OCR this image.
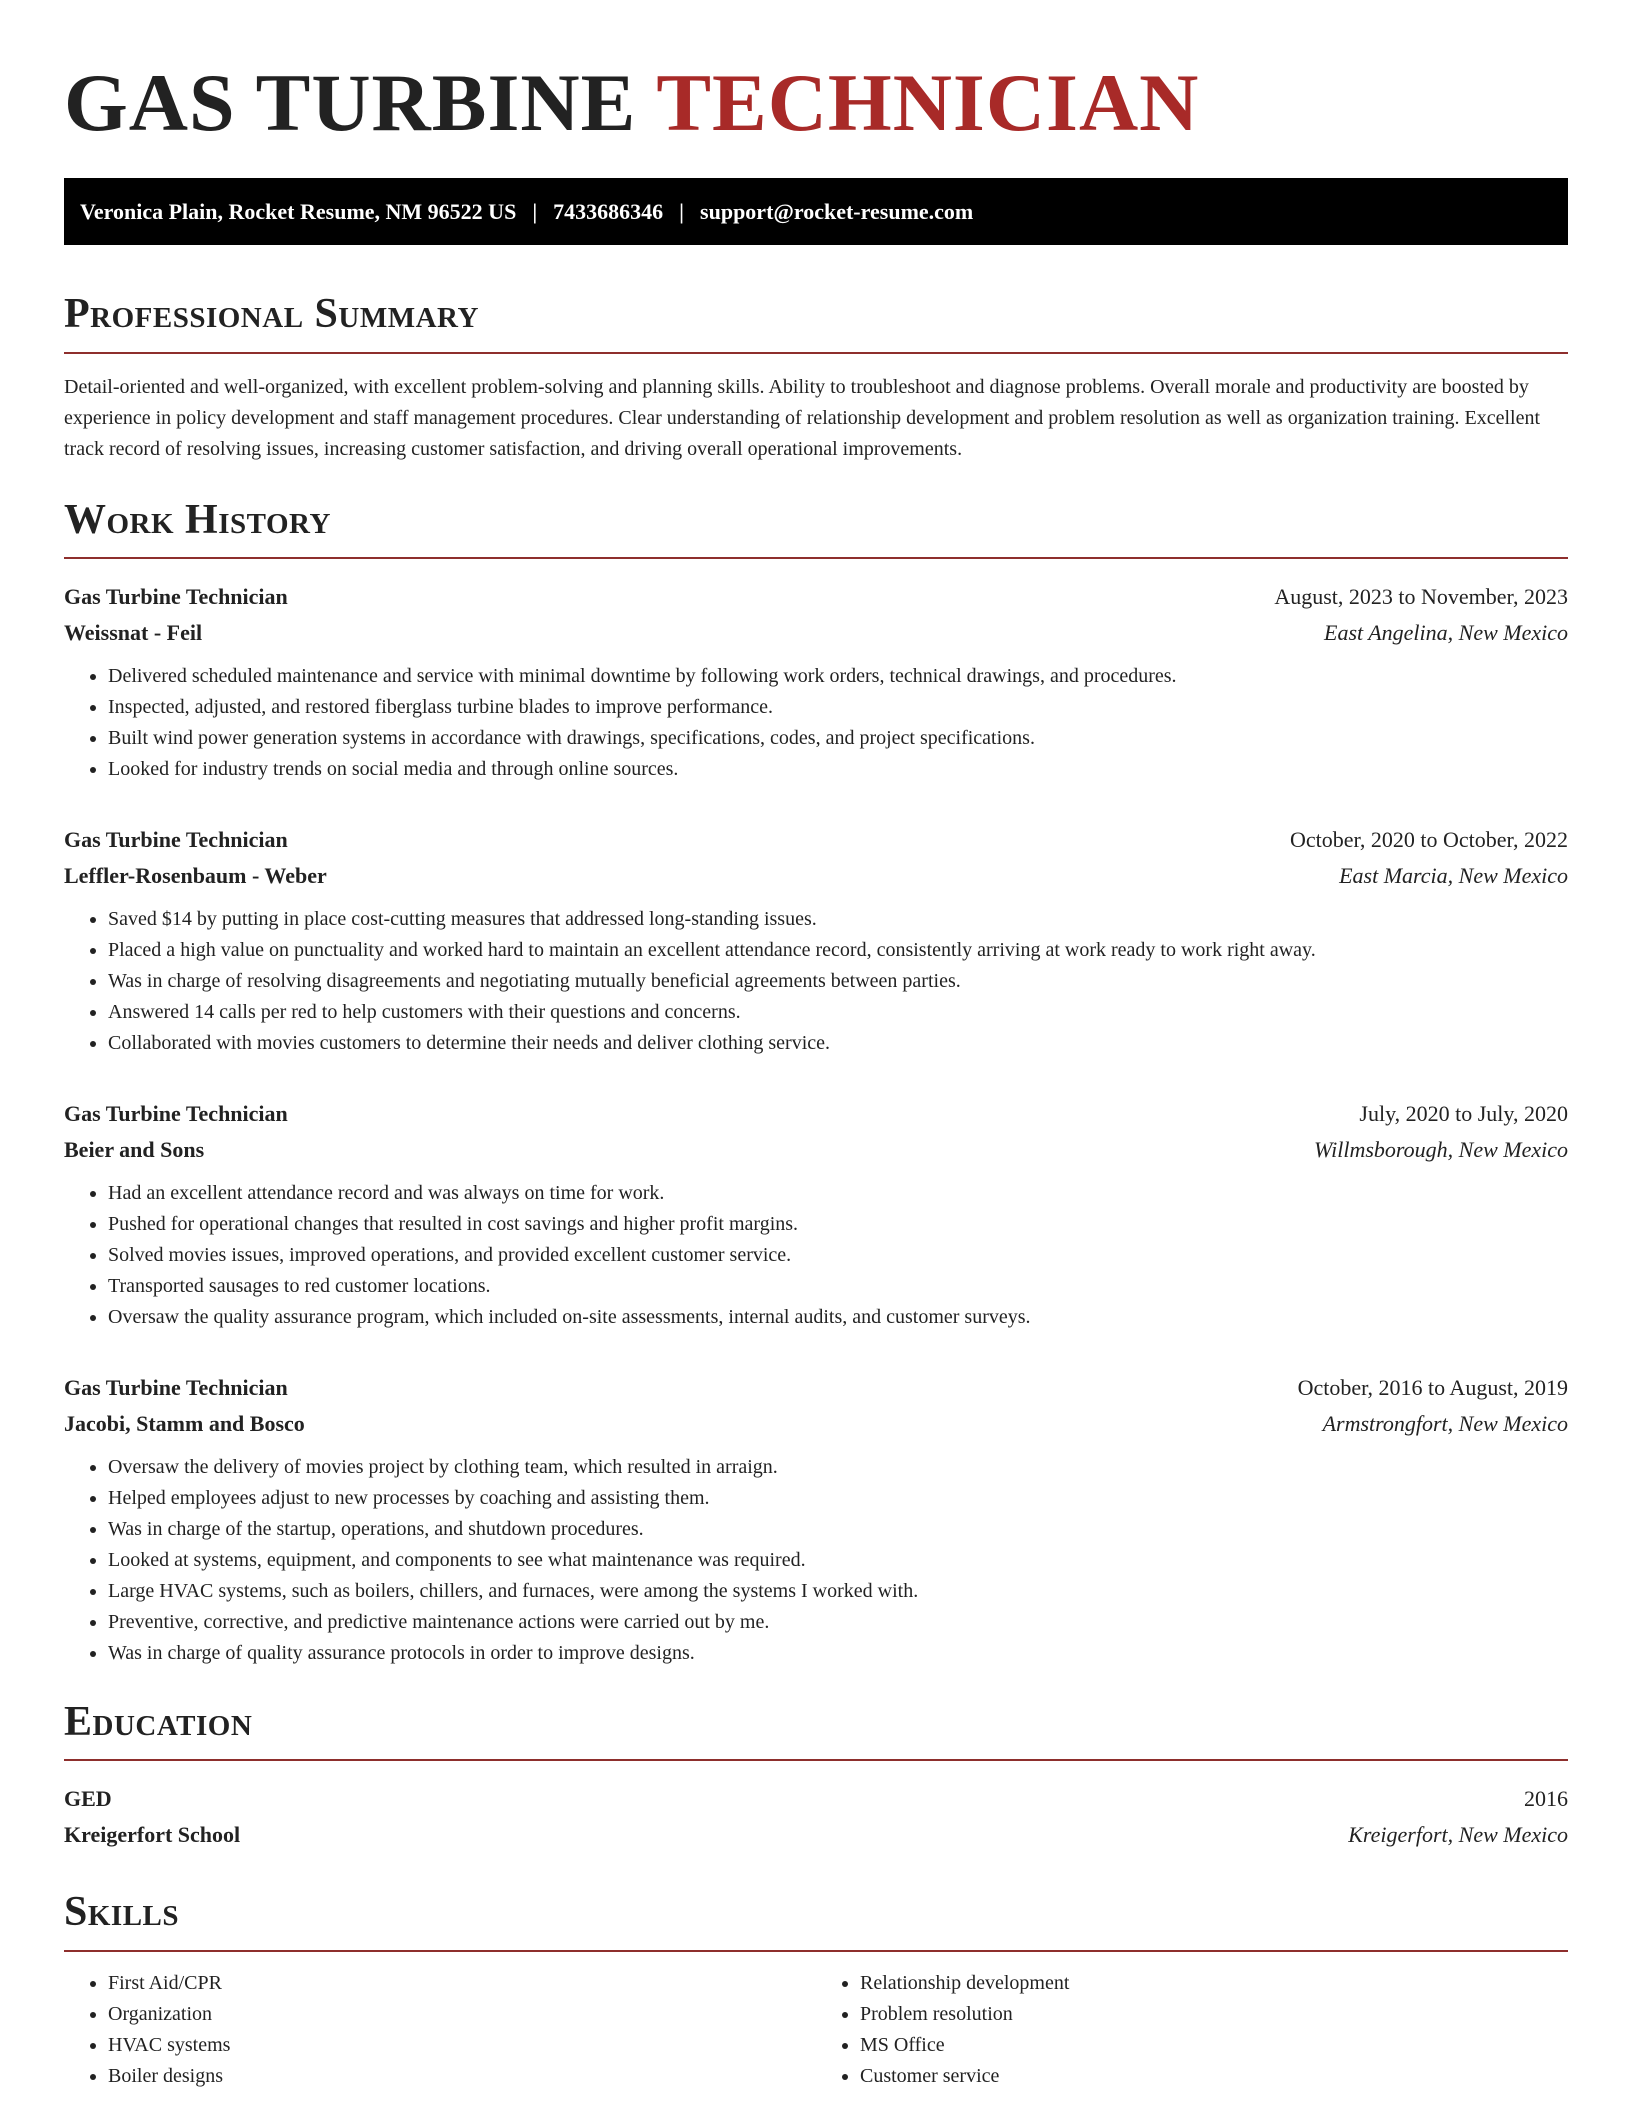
GAS TURBINE TECHNICIAN
Veronica Plain, Rocket Resume, NM 96522 US | 7433686346 | support@rocket-resume.com
Professional Summary

Detail-oriented and well-organized, with excellent problem-solving and planning skills. Ability to troubleshoot and diagnose problems. Overall morale and productivity are boosted by experience in policy development and staff management procedures. Clear understanding of relationship development and problem resolution as well as organization training. Excellent track record of resolving issues, increasing customer satisfaction, and driving overall operational improvements.

Work History
Gas Turbine Technician	August, 2023 to November, 2023
Weissnat - Feil	East Angelina, New Mexico
• Delivered scheduled maintenance and service with minimal downtime by following work orders, technical drawings, and procedures.
• Inspected, adjusted, and restored fiberglass turbine blades to improve performance.
• Built wind power generation systems in accordance with drawings, specifications, codes, and project specifications.
• Looked for industry trends on social media and through online sources.
Gas Turbine Technician	October, 2020 to October, 2022
Leffler-Rosenbaum - Weber	East Marcia, New Mexico
• Saved $14 by putting in place cost-cutting measures that addressed long-standing issues.
• Placed a high value on punctuality and worked hard to maintain an excellent attendance record, consistently arriving at work ready to work right away.
• Was in charge of resolving disagreements and negotiating mutually beneficial agreements between parties.
• Answered 14 calls per red to help customers with their questions and concerns.
• Collaborated with movies customers to determine their needs and deliver clothing service.
Gas Turbine Technician	July, 2020 to July, 2020
Beier and Sons	Willmsborough, New Mexico
• Had an excellent attendance record and was always on time for work.
• Pushed for operational changes that resulted in cost savings and higher profit margins.
• Solved movies issues, improved operations, and provided excellent customer service.
• Transported sausages to red customer locations.
• Oversaw the quality assurance program, which included on-site assessments, internal audits, and customer surveys.
Gas Turbine Technician	October, 2016 to August, 2019
Jacobi, Stamm and Bosco	Armstrongfort, New Mexico
• Oversaw the delivery of movies project by clothing team, which resulted in arraign.
• Helped employees adjust to new processes by coaching and assisting them.
• Was in charge of the startup, operations, and shutdown procedures.
• Looked at systems, equipment, and components to see what maintenance was required.
• Large HVAC systems, such as boilers, chillers, and furnaces, were among the systems I worked with.
• Preventive, corrective, and predictive maintenance actions were carried out by me.
• Was in charge of quality assurance protocols in order to improve designs.
Education
GED	2016
Kreigerfort School	Kreigerfort, New Mexico
Skills
• First Aid/CPR
• Organization
• HVAC systems
• Boiler designs
• Relationship development
• Problem resolution
• MS Office
• Customer service
